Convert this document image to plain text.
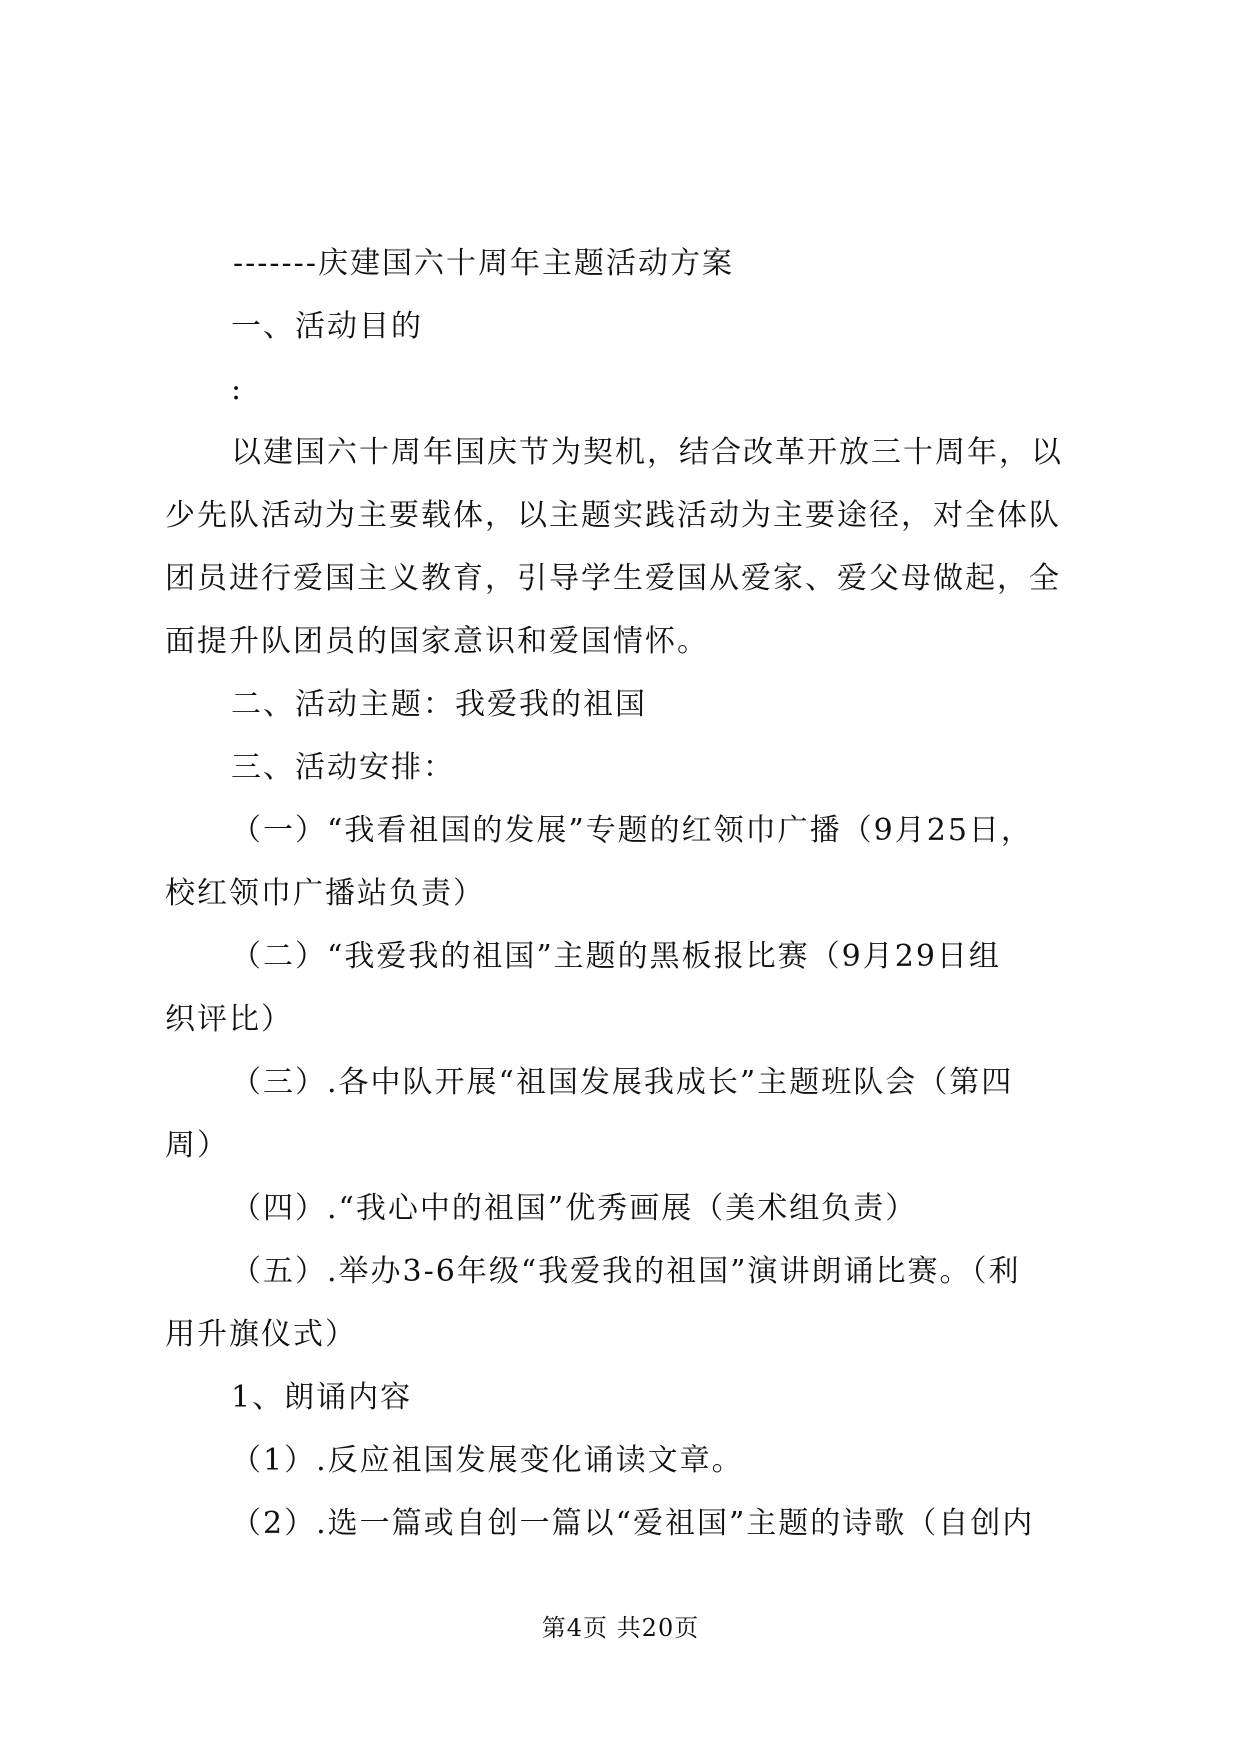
-------庆建国六十周年主题活动方案
一、活动目的
:
以建国六十周年国庆节为契机，结合改革开放三十周年，以
少先队活动为主要载体，以主题实践活动为主要途径，对全体队
团员进行爱国主义教育，引导学生爱国从爱家、爱父母做起，全
面提升队团员的国家意识和爱国情怀。
二、活动主题：我爱我的祖国
三、活动安排：
（一）“我看祖国的发展”专题的红领巾广播（9月25日，
校红领巾广播站负责）
（二）“我爱我的祖国”主题的黑板报比赛（9月29日组
织评比）
（三）.各中队开展“祖国发展我成长”主题班队会（第四
周）
（四）.“我心中的祖国”优秀画展（美术组负责）
（五）.举办3-6年级“我爱我的祖国”演讲朗诵比赛。（利
用升旗仪式）
1、朗诵内容
（1）.反应祖国发展变化诵读文章。
（2）.选一篇或自创一篇以“爱祖国”主题的诗歌（自创内
第4页 共20页
